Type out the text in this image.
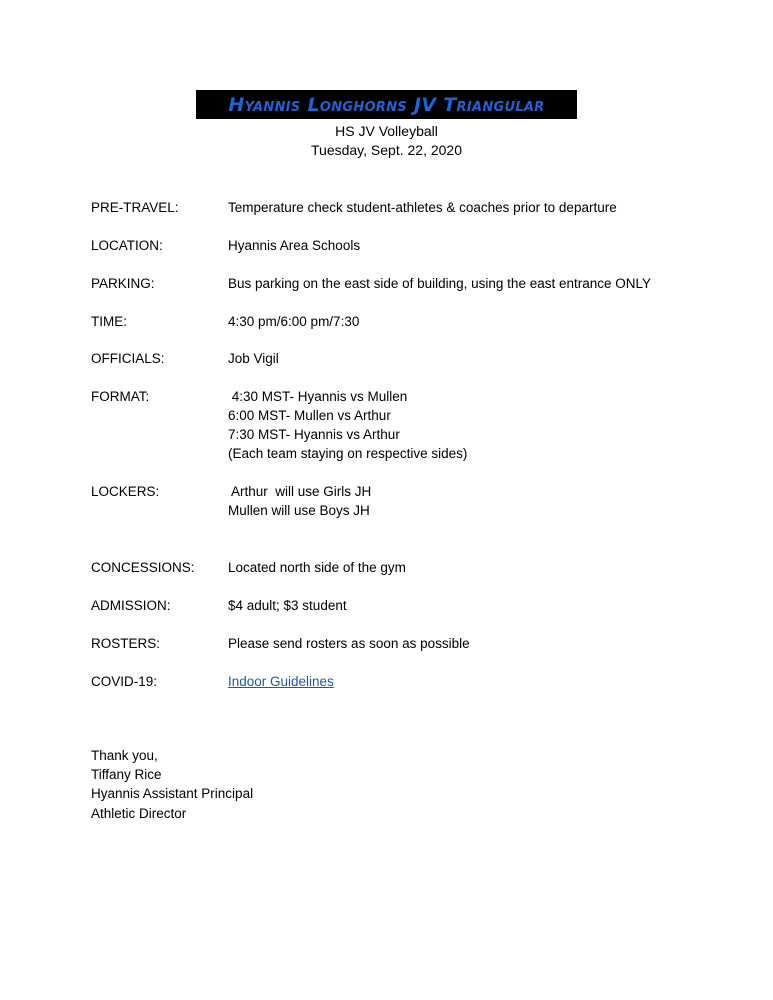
Hyannis Longhorns JV Triangular
HS JV Volleyball
Tuesday, Sept. 22, 2020
PRE-TRAVEL:	Temperature check student-athletes & coaches prior to departure
LOCATION:	Hyannis Area Schools
PARKING:	Bus parking on the east side of building, using the east entrance ONLY
TIME:	4:30 pm/6:00 pm/7:30
OFFICIALS:	Job Vigil
FORMAT:	4:30 MST- Hyannis vs Mullen
6:00 MST- Mullen vs Arthur
7:30 MST- Hyannis vs Arthur
(Each team staying on respective sides)
LOCKERS:	Arthur  will use Girls JH
Mullen will use Boys JH
CONCESSIONS: Located north side of the gym
ADMISSION:	$4 adult; $3 student
ROSTERS:	Please send rosters as soon as possible
COVID-19:	Indoor Guidelines
Thank you,
Tiffany Rice
Hyannis Assistant Principal
Athletic Director
